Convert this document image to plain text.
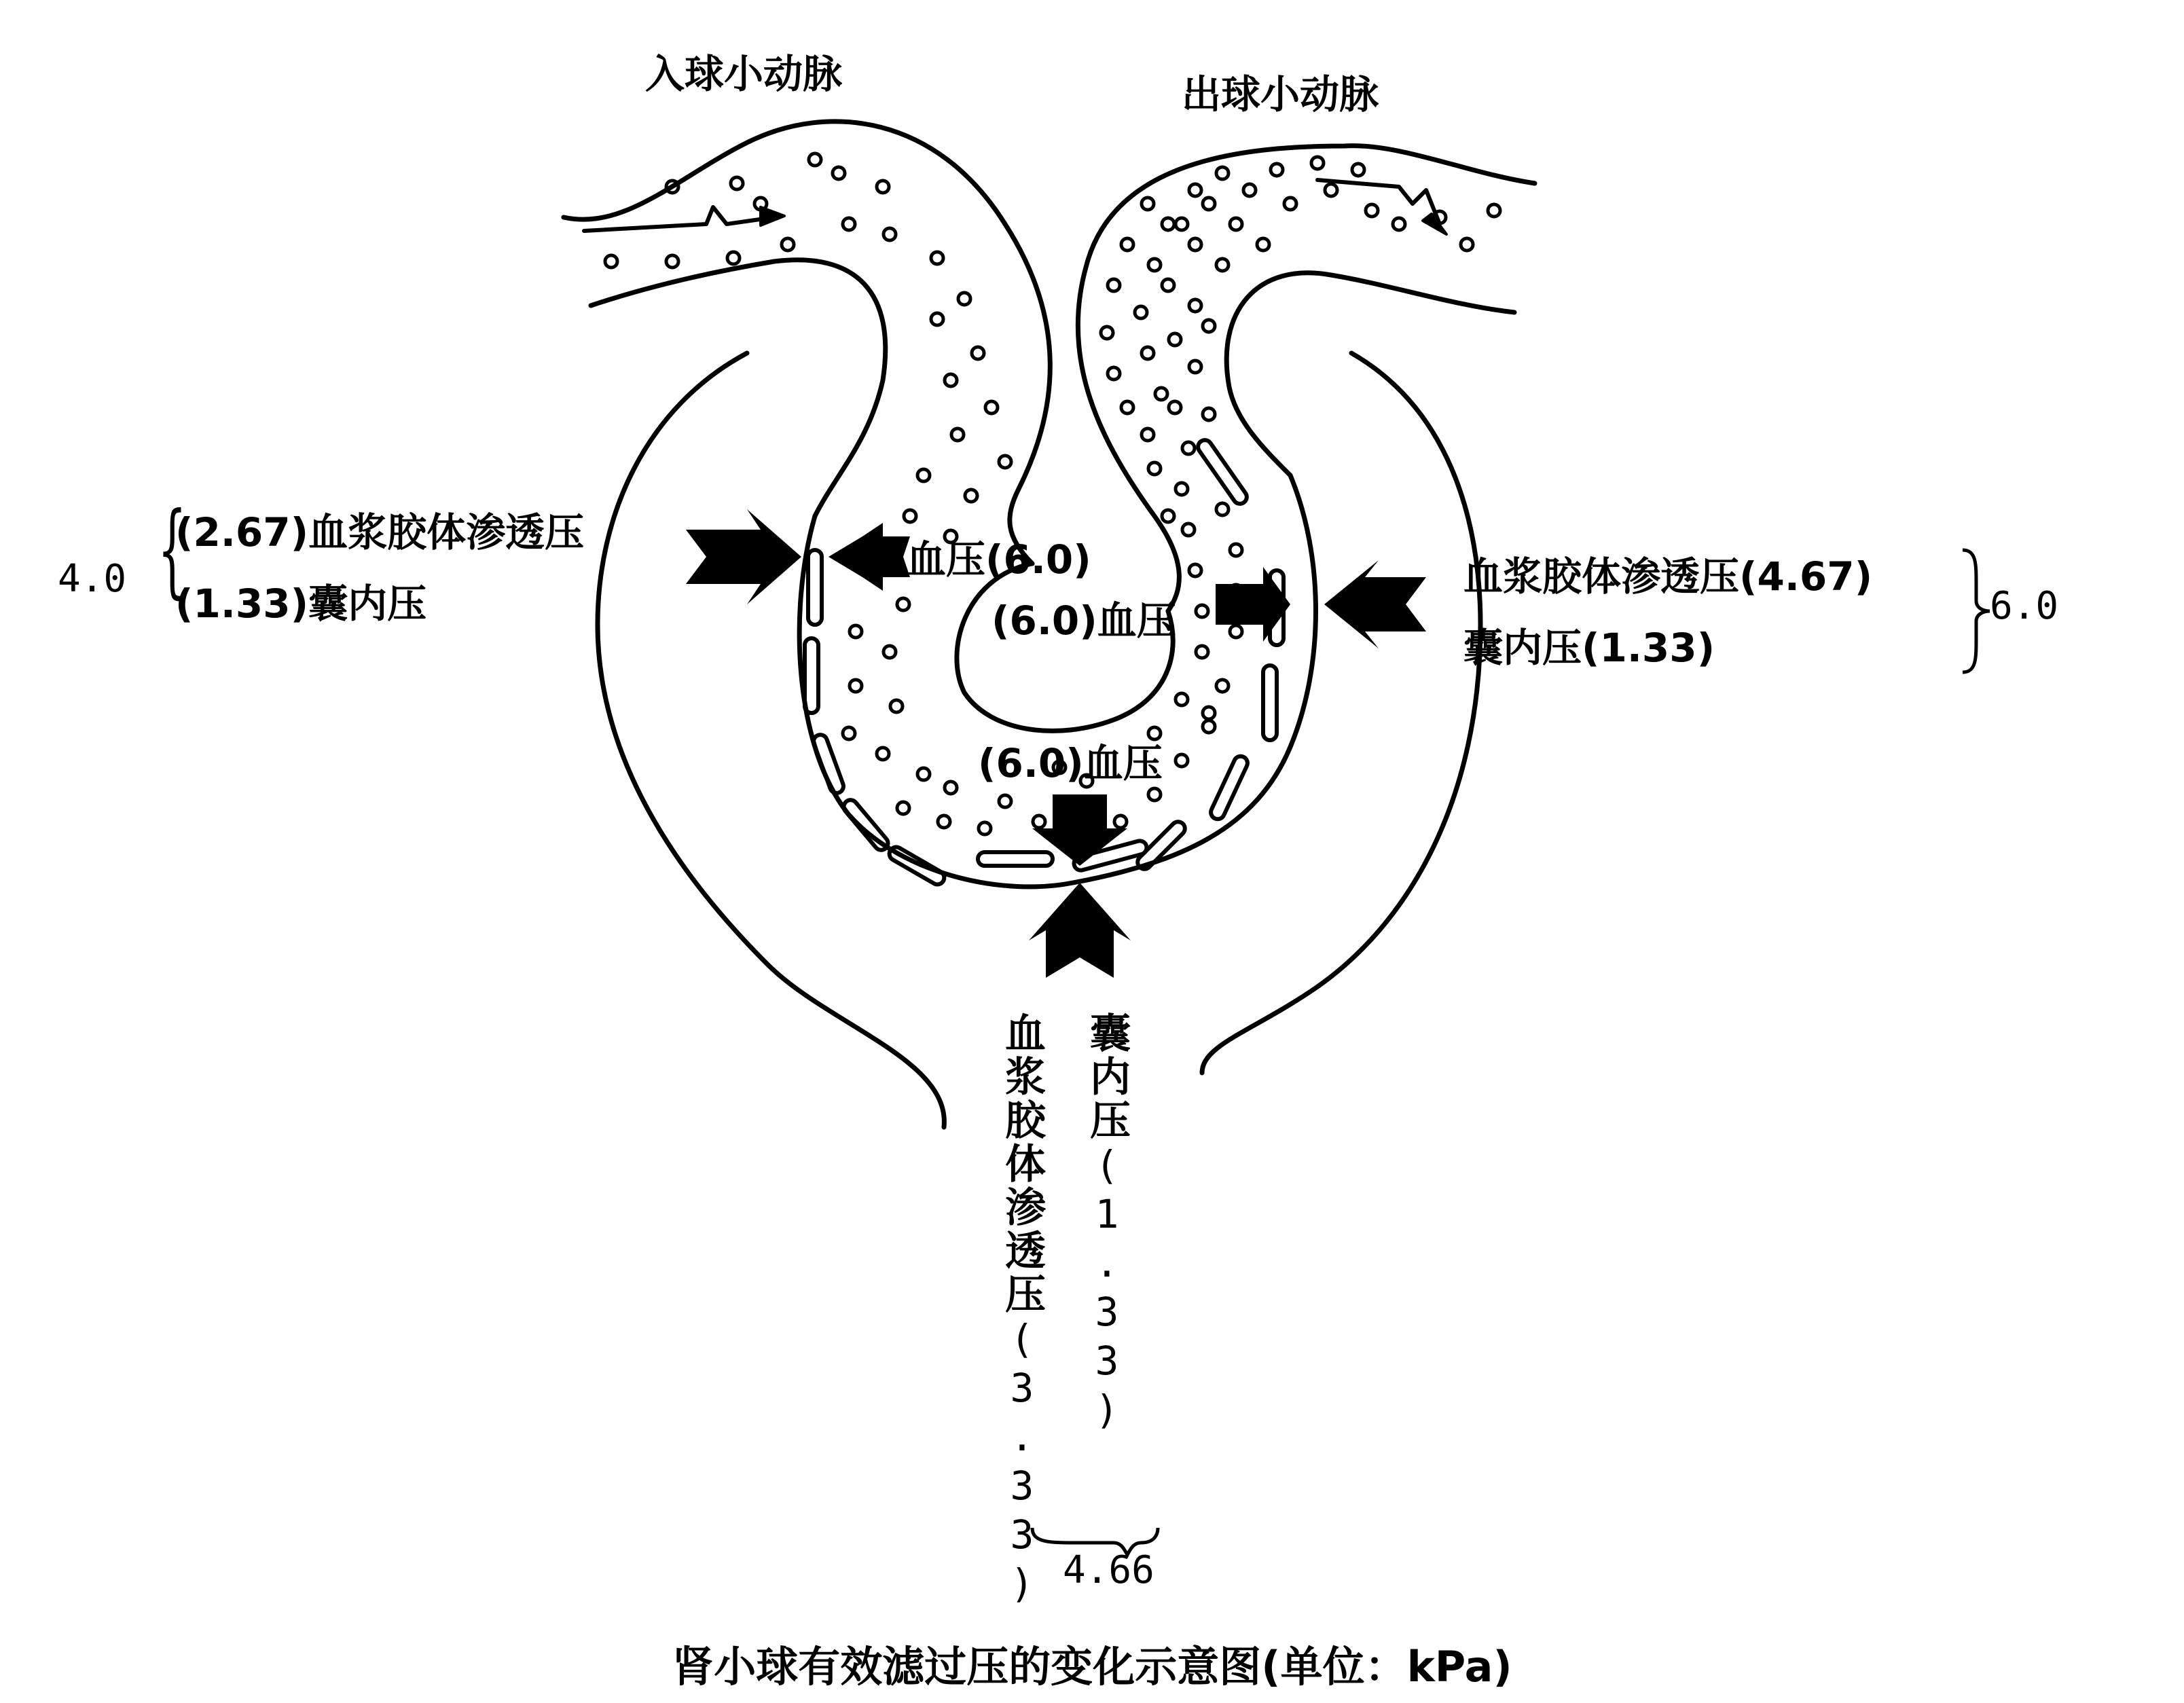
入球小动脉	出球小动脉
4.0 {
(2.67)血浆胶体渗透压
(1.33)囊内压
血压(6.0)
(6.0)血压
血浆胶体渗透压(4.67)
囊内压(1.33)
6.0
(6.0)血压
血浆胶体渗透压(3.33)
囊内压(1.33)
4.66
肾小球有效滤过压的变化示意图(单位：kPa)
